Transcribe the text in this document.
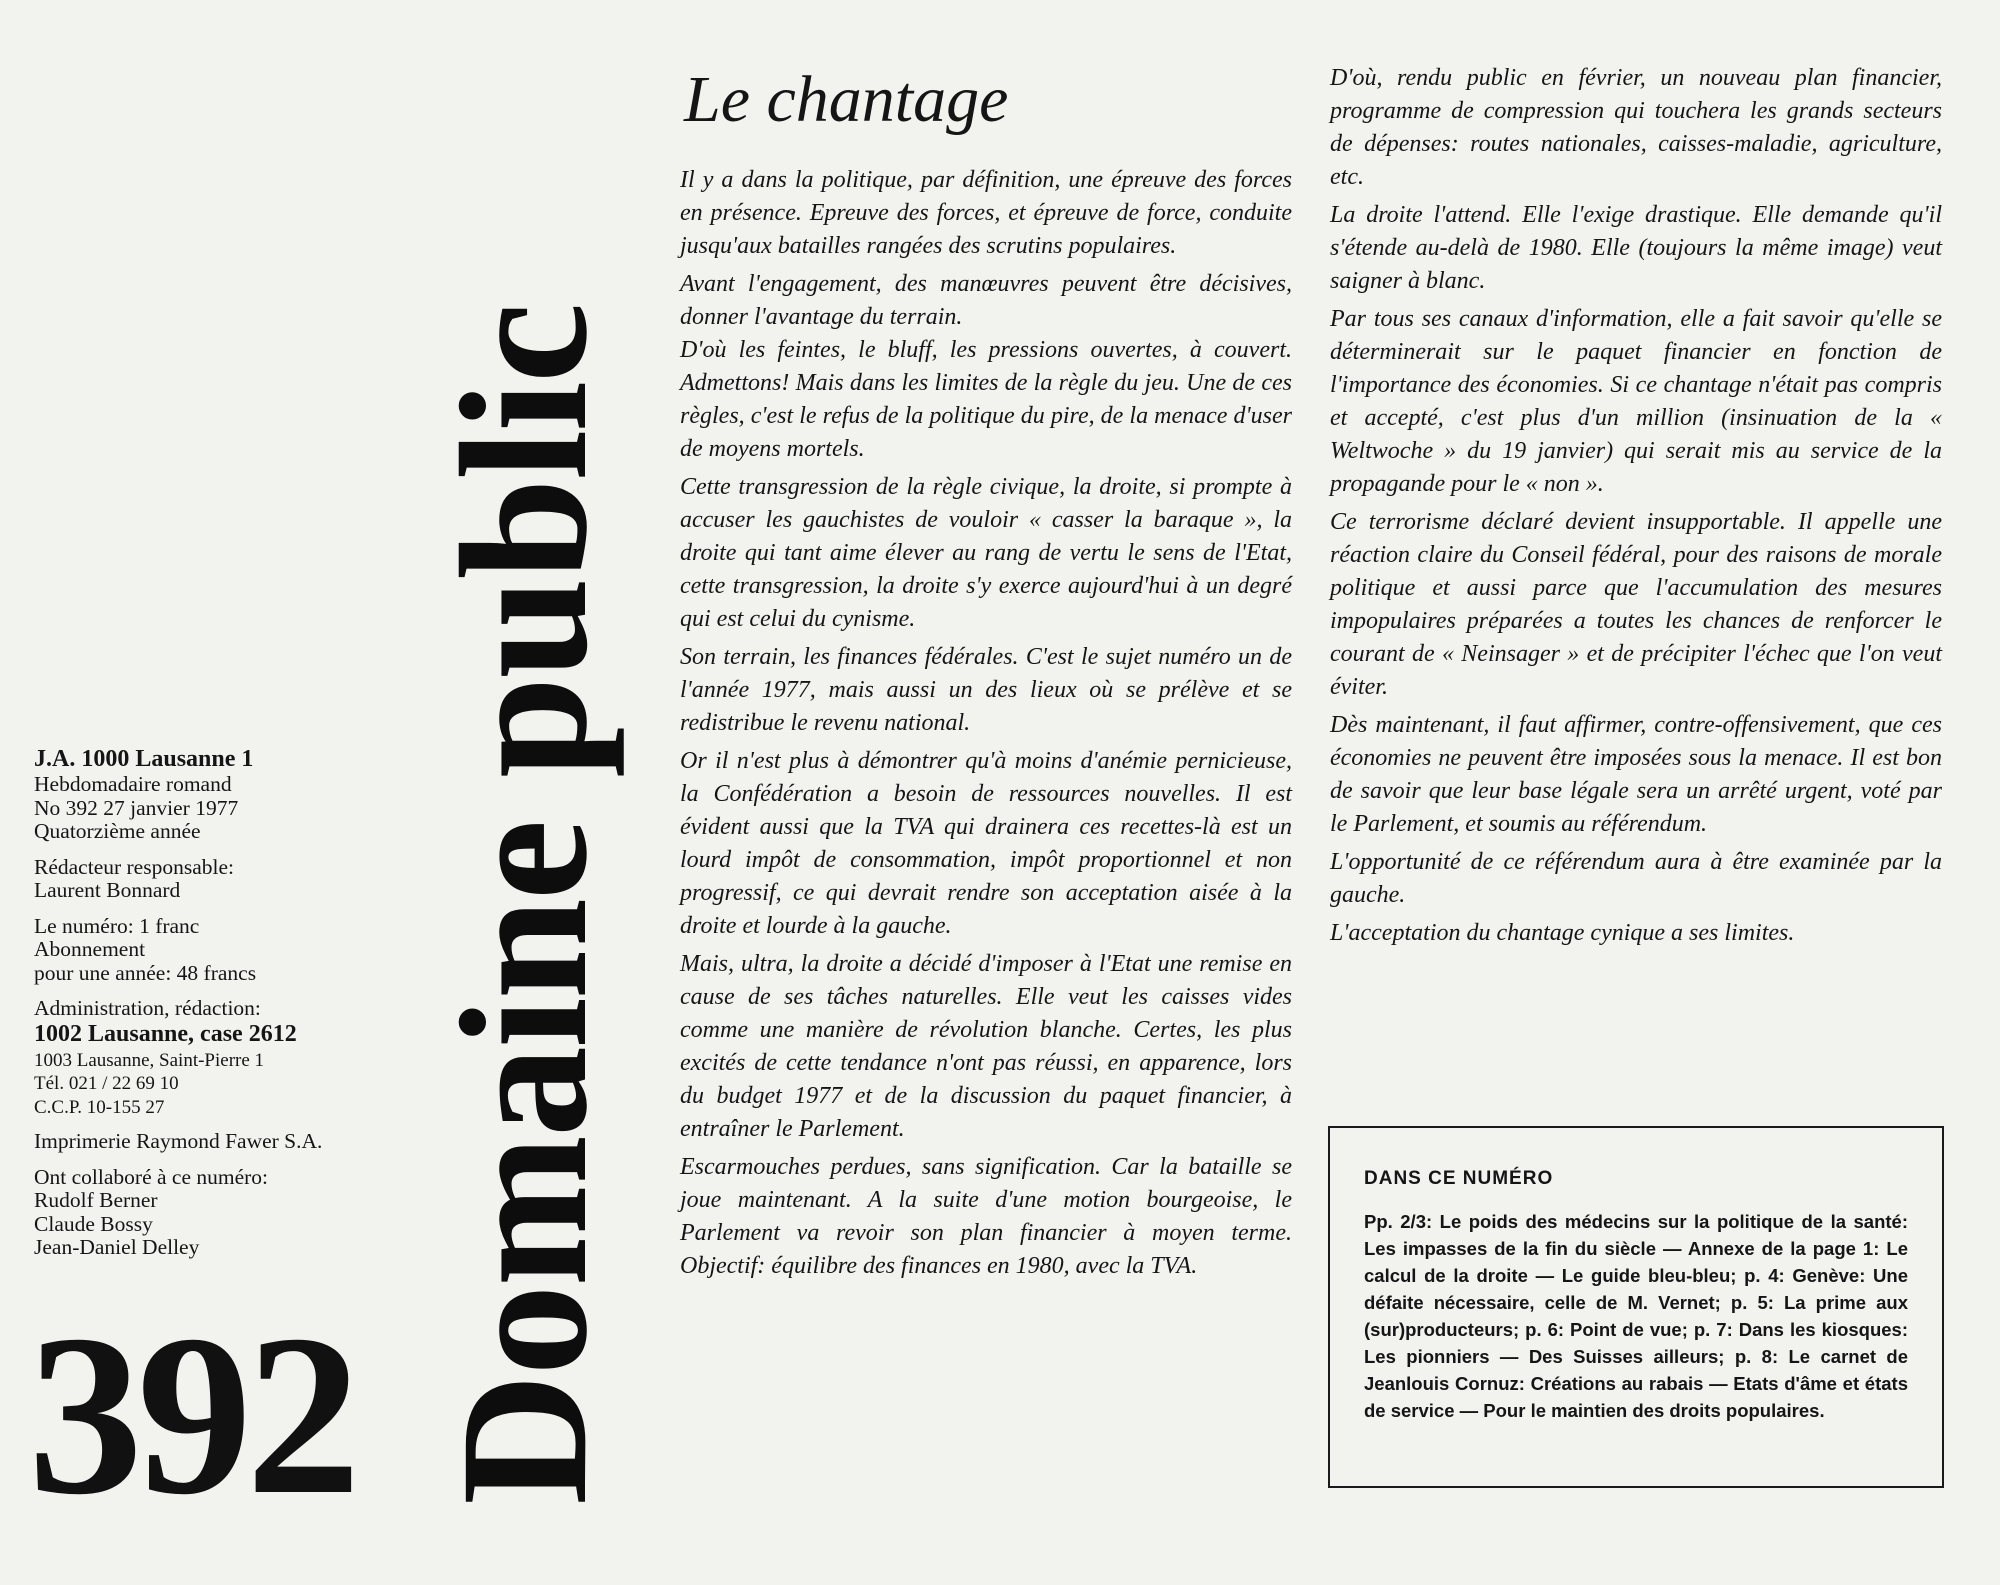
J.A. 1000 Lausanne 1
Hebdomadaire romand
No 392 27 janvier 1977
Quatorzième année

Rédacteur responsable:
Laurent Bonnard

Le numéro: 1 franc
Abonnement
pour une année: 48 francs

Administration, rédaction:
1002 Lausanne, case 2612
1003 Lausanne, Saint-Pierre 1
Tél. 021 / 22 69 10
C.C.P. 10-155 27

Imprimerie Raymond Fawer S.A.

Ont collaboré à ce numéro:
Rudolf Berner
Claude Bossy
Jean-Daniel Delley

392 Domaine public
Le chantage

Il y a dans la politique, par définition, une épreuve des forces en présence. Epreuve des forces, et épreuve de force, conduite jusqu'aux batailles rangées des scrutins populaires.

Avant l'engagement, des manœuvres peuvent être décisives, donner l'avantage du terrain.

D'où les feintes, le bluff, les pressions ouvertes, à couvert. Admettons! Mais dans les limites de la règle du jeu. Une de ces règles, c'est le refus de la politique du pire, de la menace d'user de moyens mortels.

Cette transgression de la règle civique, la droite, si prompte à accuser les gauchistes de vouloir « casser la baraque », la droite qui tant aime élever au rang de vertu le sens de l'Etat, cette transgression, la droite s'y exerce aujourd'hui à un degré qui est celui du cynisme.

Son terrain, les finances fédérales. C'est le sujet numéro un de l'année 1977, mais aussi un des lieux où se prélève et se redistribue le revenu national.

Or il n'est plus à démontrer qu'à moins d'anémie pernicieuse, la Confédération a besoin de ressources nouvelles. Il est évident aussi que la TVA qui drainera ces recettes-là est un lourd impôt de consommation, impôt proportionnel et non progressif, ce qui devrait rendre son acceptation aisée à la droite et lourde à la gauche.

Mais, ultra, la droite a décidé d'imposer à l'Etat une remise en cause de ses tâches naturelles. Elle veut les caisses vides comme une manière de révolution blanche. Certes, les plus excités de cette tendance n'ont pas réussi, en apparence, lors du budget 1977 et de la discussion du paquet financier, à entraîner le Parlement.

Escarmouches perdues, sans signification. Car la bataille se joue maintenant. A la suite d'une motion bourgeoise, le Parlement va revoir son plan financier à moyen terme. Objectif: équilibre des finances en 1980, avec la TVA.

D'où, rendu public en février, un nouveau plan financier, programme de compression qui touchera les grands secteurs de dépenses: routes nationales, caisses-maladie, agriculture, etc.

La droite l'attend. Elle l'exige drastique. Elle demande qu'il s'étende au-delà de 1980. Elle (toujours la même image) veut saigner à blanc.

Par tous ses canaux d'information, elle a fait savoir qu'elle se déterminerait sur le paquet financier en fonction de l'importance des économies. Si ce chantage n'était pas compris et accepté, c'est plus d'un million (insinuation de la « Weltwoche » du 19 janvier) qui serait mis au service de la propagande pour le « non ».

Ce terrorisme déclaré devient insupportable. Il appelle une réaction claire du Conseil fédéral, pour des raisons de morale politique et aussi parce que l'accumulation des mesures impopulaires préparées a toutes les chances de renforcer le courant de « Neinsager » et de précipiter l'échec que l'on veut éviter.

Dès maintenant, il faut affirmer, contre-offensivement, que ces économies ne peuvent être imposées sous la menace. Il est bon de savoir que leur base légale sera un arrêté urgent, voté par le Parlement, et soumis au référendum.

L'opportunité de ce référendum aura à être examinée par la gauche.

L'acceptation du chantage cynique a ses limites.

DANS CE NUMÉRO

Pp. 2/3: Le poids des médecins sur la politique de la santé: Les impasses de la fin du siècle — Annexe de la page 1: Le calcul de la droite — Le guide bleu-bleu; p. 4: Genève: Une défaite nécessaire, celle de M. Vernet; p. 5: La prime aux (sur)producteurs; p. 6: Point de vue; p. 7: Dans les kiosques: Les pionniers — Des Suisses ailleurs; p. 8: Le carnet de Jeanlouis Cornuz: Créations au rabais — Etats d'âme et états de service — Pour le maintien des droits populaires.
